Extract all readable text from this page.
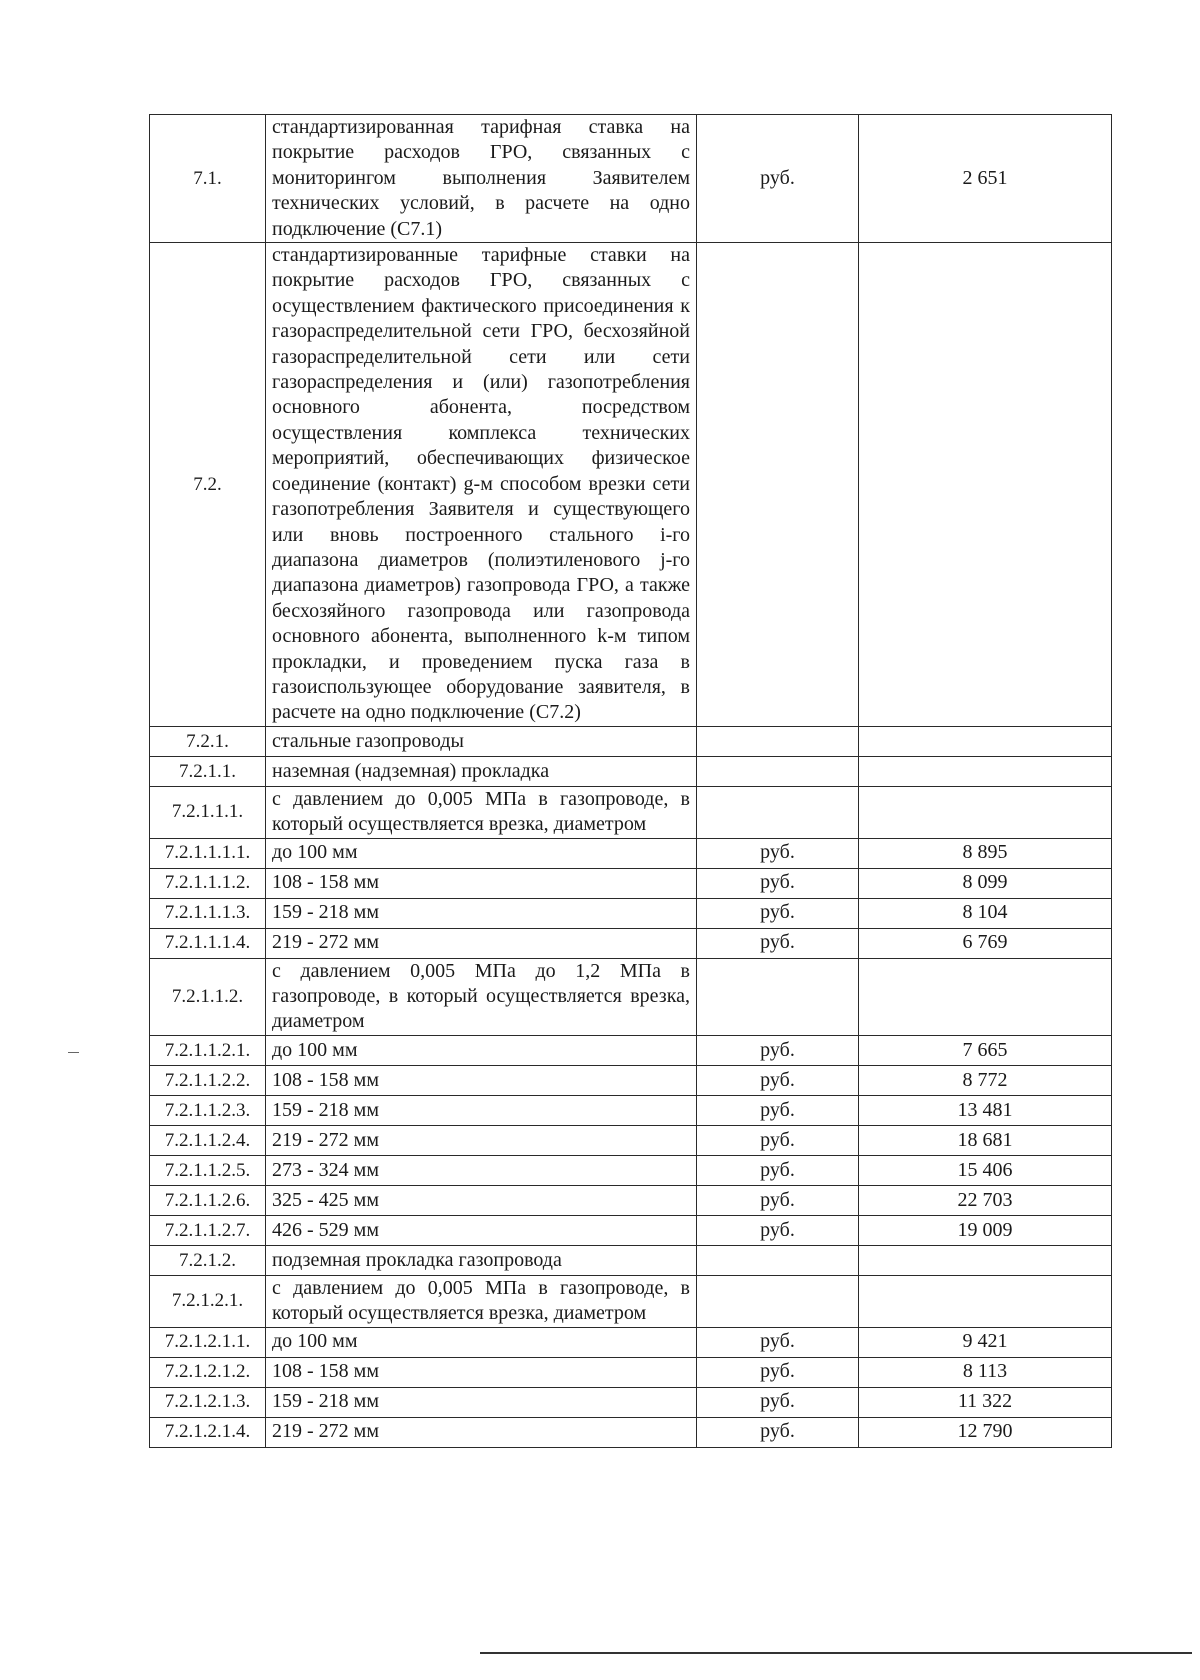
7.1.	стандартизированная тарифная ставка на покрытие расходов ГРО, связанных с мониторингом выполнения Заявителем технических условий, в расчете на одно подключение (С7.1)	руб.	2 651
7.2.	стандартизированные тарифные ставки на покрытие расходов ГРО, связанных с осуществлением фактического присоединения к газораспределительной сети ГРО, бесхозяйной газораспределительной сети или сети газораспределения и (или) газопотребления основного абонента, посредством осуществления комплекса технических мероприятий, обеспечивающих физическое соединение (контакт) g-м способом врезки сети газопотребления Заявителя и существующего или вновь построенного стального i-го диапазона диаметров (полиэтиленового j-го диапазона диаметров) газопровода ГРО, а также бесхозяйного газопровода или газопровода основного абонента, выполненного k-м типом прокладки, и проведением пуска газа в газоиспользующее оборудование заявителя, в расчете на одно подключение (С7.2)		
7.2.1.	стальные газопроводы		
7.2.1.1.	наземная (надземная) прокладка		
7.2.1.1.1.	с давлением до 0,005 МПа в газопроводе, в который осуществляется врезка, диаметром		
7.2.1.1.1.1.	до 100 мм	руб.	8 895
7.2.1.1.1.2.	108 - 158 мм	руб.	8 099
7.2.1.1.1.3.	159 - 218 мм	руб.	8 104
7.2.1.1.1.4.	219 - 272 мм	руб.	6 769
7.2.1.1.2.	с давлением 0,005 МПа до 1,2 МПа в газопроводе, в который осуществляется врезка, диаметром		
7.2.1.1.2.1.	до 100 мм	руб.	7 665
7.2.1.1.2.2.	108 - 158 мм	руб.	8 772
7.2.1.1.2.3.	159 - 218 мм	руб.	13 481
7.2.1.1.2.4.	219 - 272 мм	руб.	18 681
7.2.1.1.2.5.	273 - 324 мм	руб.	15 406
7.2.1.1.2.6.	325 - 425 мм	руб.	22 703
7.2.1.1.2.7.	426 - 529 мм	руб.	19 009
7.2.1.2.	подземная прокладка газопровода		
7.2.1.2.1.	с давлением до 0,005 МПа в газопроводе, в который осуществляется врезка, диаметром		
7.2.1.2.1.1.	до 100 мм	руб.	9 421
7.2.1.2.1.2.	108 - 158 мм	руб.	8 113
7.2.1.2.1.3.	159 - 218 мм	руб.	11 322
7.2.1.2.1.4.	219 - 272 мм	руб.	12 790
